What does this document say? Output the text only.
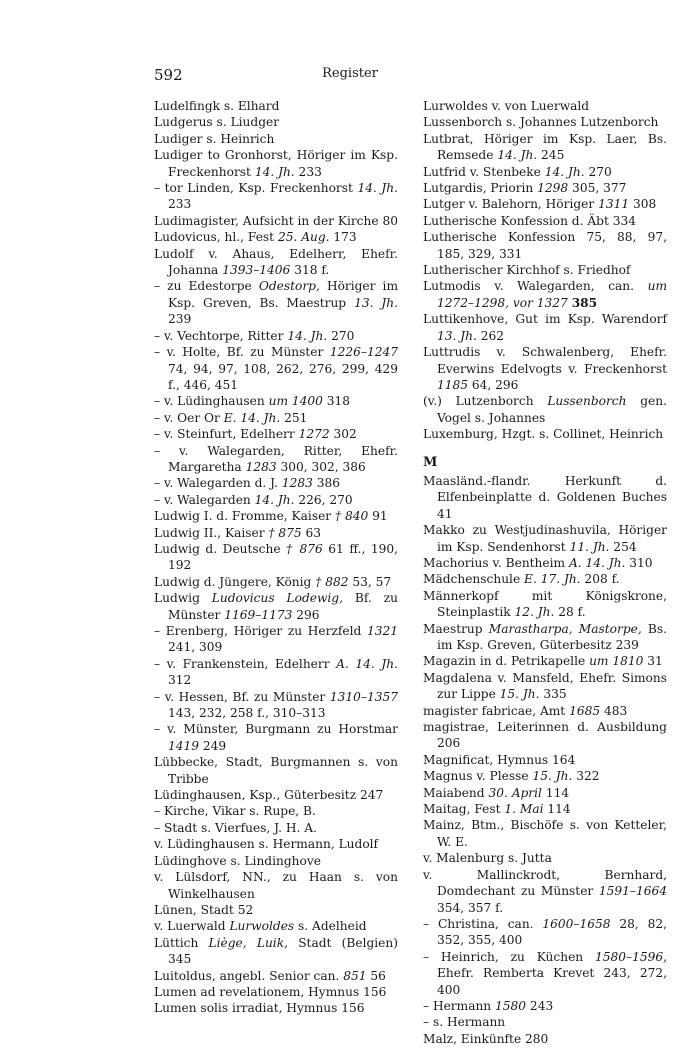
592	Register

Ludelfingk s. Elhard

Ludgerus s. Liudger

Ludiger s. Heinrich

Ludiger to Gronhorst, Höriger im Ksp. Freckenhorst 14. Jh. 233

– tor Linden, Ksp. Freckenhorst 14. Jh. 233

Ludimagister, Aufsicht in der Kirche 80

Ludovicus, hl., Fest 25. Aug. 173

Ludolf v. Ahaus, Edelherr, Ehefr. Johanna 1393–1406 318 f.

– zu Edestorpe Odestorp, Höriger im Ksp. Greven, Bs. Maestrup 13. Jh. 239

– v. Vechtorpe, Ritter 14. Jh. 270

– v. Holte, Bf. zu Münster 1226–1247 74, 94, 97, 108, 262, 276, 299, 429 f., 446, 451

– v. Lüdinghausen um 1400 318

– v. Oer Or E. 14. Jh. 251

– v. Steinfurt, Edelherr 1272 302

– v. Walegarden, Ritter, Ehefr. Margaretha 1283 300, 302, 386

– v. Walegarden d. J. 1283 386

– v. Walegarden 14. Jh. 226, 270

Ludwig I. d. Fromme, Kaiser † 840 91

Ludwig II., Kaiser † 875 63

Ludwig d. Deutsche † 876 61 ff., 190, 192

Ludwig d. Jüngere, König † 882 53, 57

Ludwig Ludovicus Lodewig, Bf. zu Münster 1169–1173 296

– Erenberg, Höriger zu Herzfeld 1321 241, 309

– v. Frankenstein, Edelherr A. 14. Jh. 312

– v. Hessen, Bf. zu Münster 1310–1357 143, 232, 258 f., 310–313

– v. Münster, Burgmann zu Horstmar 1419 249

Lübbecke, Stadt, Burgmannen s. von Tribbe

Lüdinghausen, Ksp., Güterbesitz 247

– Kirche, Vikar s. Rupe, B.

– Stadt s. Vierfues, J. H. A.

v. Lüdinghausen s. Hermann, Ludolf

Lüdinghove s. Lindinghove

v. Lülsdorf, NN., zu Haan s. von Winkelhausen

Lünen, Stadt 52

v. Luerwald Lurwoldes s. Adelheid

Lüttich Liège, Luik, Stadt (Belgien) 345

Luitoldus, angebl. Senior can. 851 56

Lumen ad revelationem, Hymnus 156

Lumen solis irradiat, Hymnus 156

Lurwoldes v. von Luerwald

Lussenborch s. Johannes Lutzenborch

Lutbrat, Höriger im Ksp. Laer, Bs. Remsede 14. Jh. 245

Lutfrid v. Stenbeke 14. Jh. 270

Lutgardis, Priorin 1298 305, 377

Lutger v. Balehorn, Höriger 1311 308

Lutherische Konfession d. Äbt 334

Lutherische Konfession 75, 88, 97, 185, 329, 331

Lutherischer Kirchhof s. Friedhof

Lutmodis v. Walegarden, can. um 1272–1298, vor 1327 385

Luttikenhove, Gut im Ksp. Warendorf 13. Jh. 262

Luttrudis v. Schwalenberg, Ehefr. Everwins Edelvogts v. Freckenhorst 1185 64, 296

(v.) Lutzenborch Lussenborch gen. Vogel s. Johannes

Luxemburg, Hzgt. s. Collinet, Heinrich

M

Maasländ.-flandr. Herkunft d. Elfenbeinplatte d. Goldenen Buches 41

Makko zu Westjudinashuvila, Höriger im Ksp. Sendenhorst 11. Jh. 254

Machorius v. Bentheim A. 14. Jh. 310

Mädchenschule E. 17. Jh. 208 f.

Männerkopf mit Königskrone, Steinplastik 12. Jh. 28 f.

Maestrup Marastharpa, Mastorpe, Bs. im Ksp. Greven, Güterbesitz 239

Magazin in d. Petrikapelle um 1810 31

Magdalena v. Mansfeld, Ehefr. Simons zur Lippe 15. Jh. 335

magister fabricae, Amt 1685 483

magistrae, Leiterinnen d. Ausbildung 206

Magnificat, Hymnus 164

Magnus v. Plesse 15. Jh. 322

Maiabend 30. April 114

Maitag, Fest 1. Mai 114

Mainz, Btm., Bischöfe s. von Ketteler, W. E.

v. Malenburg s. Jutta

v. Mallinckrodt, Bernhard, Domdechant zu Münster 1591–1664 354, 357 f.

– Christina, can. 1600–1658 28, 82, 352, 355, 400

– Heinrich, zu Küchen 1580–1596, Ehefr. Remberta Krevet 243, 272, 400

– Hermann 1580 243

– s. Hermann

Malz, Einkünfte 280
